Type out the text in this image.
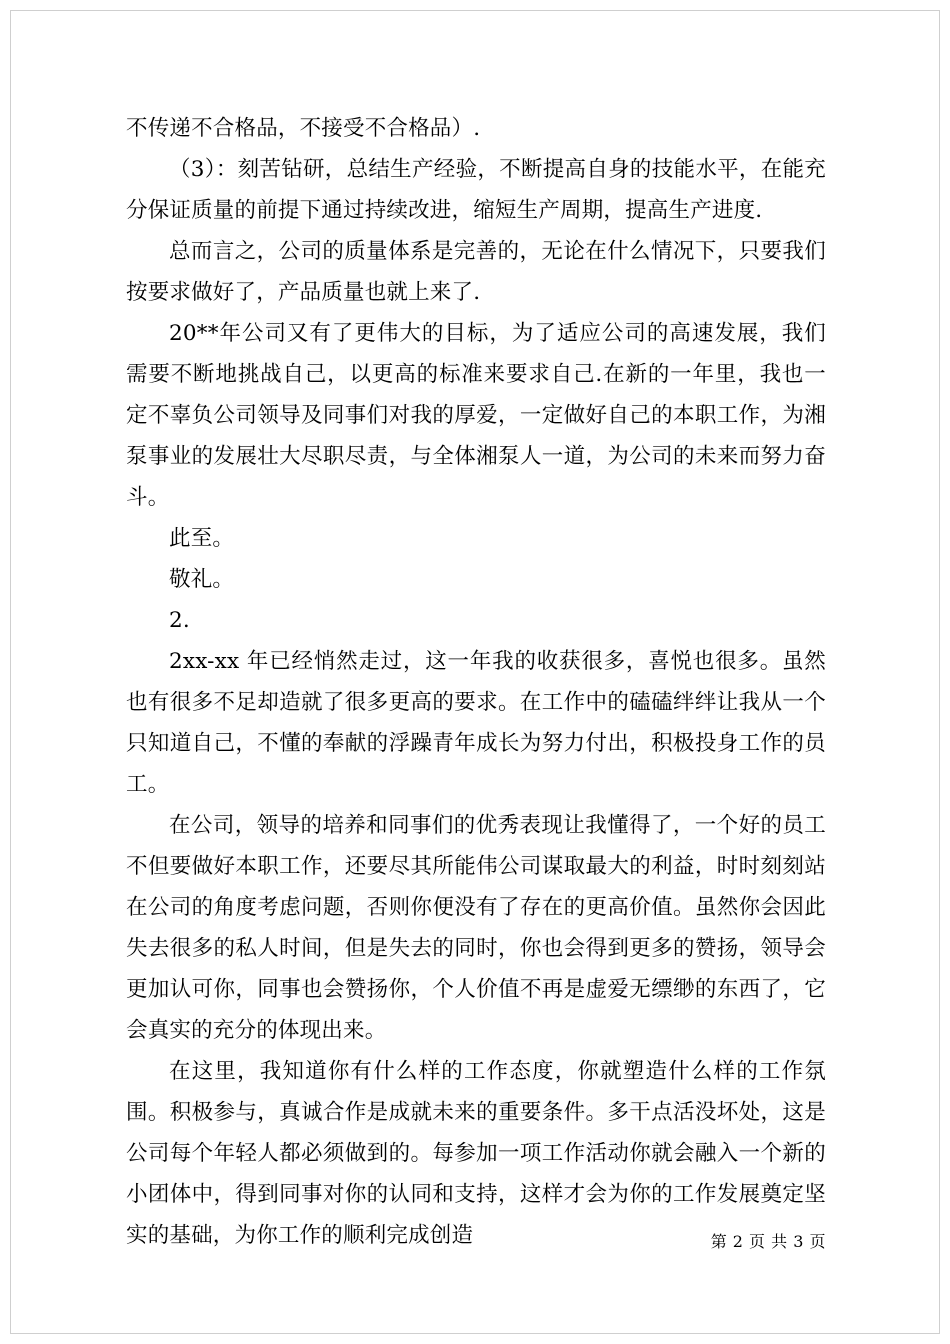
不传递不合格品，不接受不合格品）.

（3）：刻苦钻研，总结生产经验，不断提高自身的技能水平，在能充分保证质量的前提下通过持续改进，缩短生产周期，提高生产进度.

总而言之，公司的质量体系是完善的，无论在什么情况下，只要我们按要求做好了，产品质量也就上来了.

20**年公司又有了更伟大的目标，为了适应公司的高速发展，我们需要不断地挑战自己，以更高的标准来要求自己.在新的一年里，我也一定不辜负公司领导及同事们对我的厚爱，一定做好自己的本职工作，为湘泵事业的发展壮大尽职尽责，与全体湘泵人一道，为公司的未来而努力奋斗。

此至。

敬礼。

2.

2xx-xx 年已经悄然走过，这一年我的收获很多，喜悦也很多。虽然也有很多不足却造就了很多更高的要求。在工作中的磕磕绊绊让我从一个只知道自己，不懂的奉献的浮躁青年成长为努力付出，积极投身工作的员工。

在公司，领导的培养和同事们的优秀表现让我懂得了，一个好的员工不但要做好本职工作，还要尽其所能伟公司谋取最大的利益，时时刻刻站在公司的角度考虑问题，否则你便没有了存在的更高价值。虽然你会因此失去很多的私人时间，但是失去的同时，你也会得到更多的赞扬，领导会更加认可你，同事也会赞扬你，个人价值不再是虚爱无缥缈的东西了，它会真实的充分的体现出来。

在这里，我知道你有什么样的工作态度，你就塑造什么样的工作氛围。积极参与，真诚合作是成就未来的重要条件。多干点活没坏处，这是公司每个年轻人都必须做到的。每参加一项工作活动你就会融入一个新的小团体中，得到同事对你的认同和支持，这样才会为你的工作发展奠定坚实的基础，为你工作的顺利完成创造	第 2 页 共 3 页
